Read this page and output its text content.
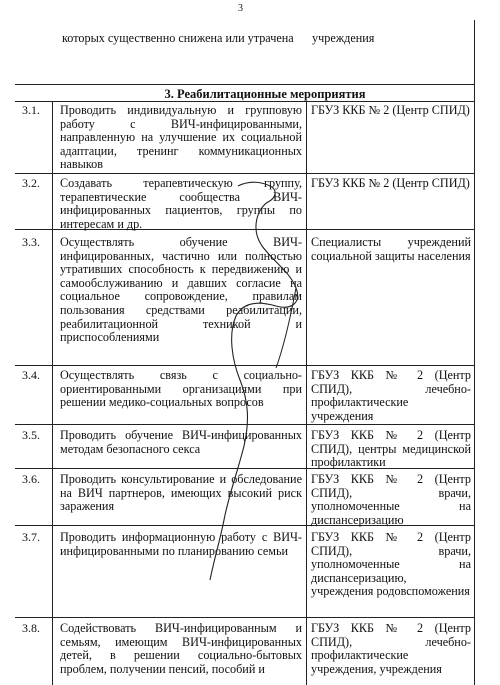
3
которых существенно снижена или утрачена	учреждения
3. Реабилитационные мероприятия
3.1. Проводить индивидуальную и групповую работу с ВИЧ-инфицированными, направленную на улучшение их социальной адаптации, тренинг коммуникационных навыков
ГБУЗ ККБ № 2 (Центр СПИД)
3.2. Создавать терапевтическую группу, терапевтические сообщества ВИЧ-инфицированных пациентов, группы по интересам и др.
ГБУЗ ККБ № 2 (Центр СПИД)
3.3. Осуществлять обучение ВИЧ-инфицированных, частично или полностью утративших способность к передвижению и самообслуживанию и давших согласие на социальное сопровождение, правилам пользования средствами реабилитации, реабилитационной техникой и приспособлениями
Специалисты учреждений социальной защиты населения
3.4. Осуществлять связь с социально-ориентированными организациями при решении медико-социальных вопросов
ГБУЗ ККБ № 2 (Центр СПИД), лечебно-профилактические учреждения
3.5. Проводить обучение ВИЧ-инфицированных методам безопасного секса
ГБУЗ ККБ № 2 (Центр СПИД), центры медицинской профилактики
3.6. Проводить консультирование и обследование на ВИЧ партнеров, имеющих высокий риск заражения
ГБУЗ ККБ № 2 (Центр СПИД), врачи, уполномоченные на диспансеризацию
3.7. Проводить информационную работу с ВИЧ-инфицированными по планированию семьи
ГБУЗ ККБ № 2 (Центр СПИД), врачи, уполномоченные на диспансеризацию, учреждения родовспоможения
3.8. Содействовать ВИЧ-инфицированным и семьям, имеющим ВИЧ-инфицированных детей, в решении социально-бытовых проблем, получении пенсий, пособий и
ГБУЗ ККБ № 2 (Центр СПИД), лечебно-профилактические учреждения, учреждения
